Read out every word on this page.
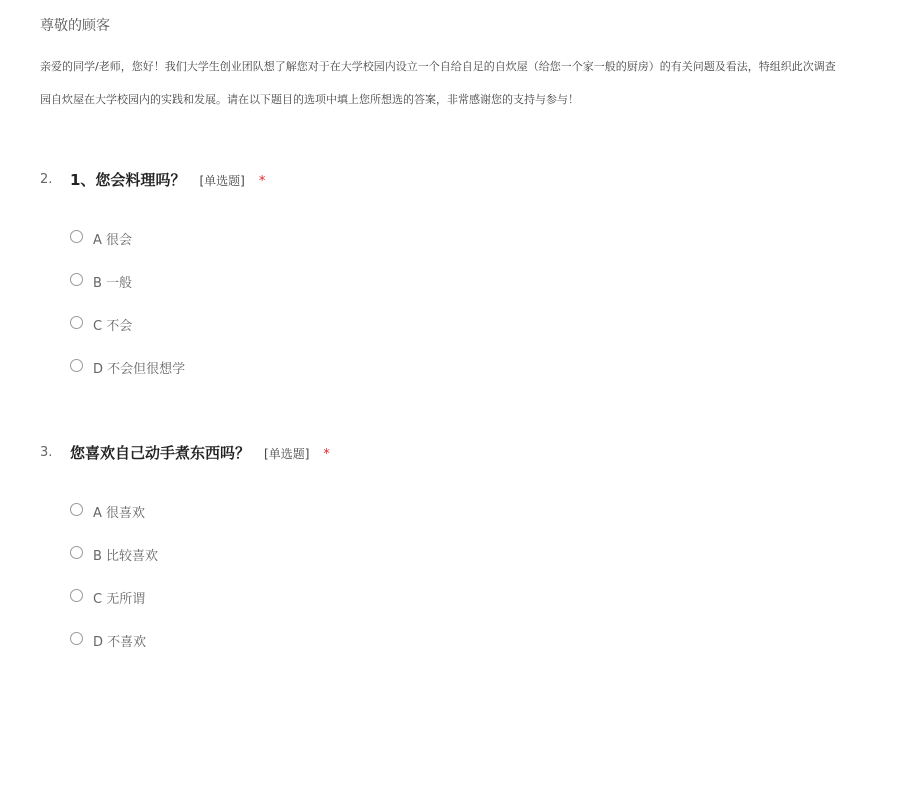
尊敬的顾客
亲爱的同学/老师，您好！我们大学生创业团队想了解您对于在大学校园内设立一个自给自足的自炊屋（给您一个家一般的厨房）的有关问题及看法，特组织此次调查
园自炊屋在大学校园内的实践和发展。请在以下题目的选项中填上您所想选的答案，非常感谢您的支持与参与！
2. 1、您会料理吗？ [单选题] *
A 很会
B 一般
C 不会
D 不会但很想学
3. 您喜欢自己动手煮东西吗？ [单选题] *
A 很喜欢
B 比较喜欢
C 无所谓
D 不喜欢
